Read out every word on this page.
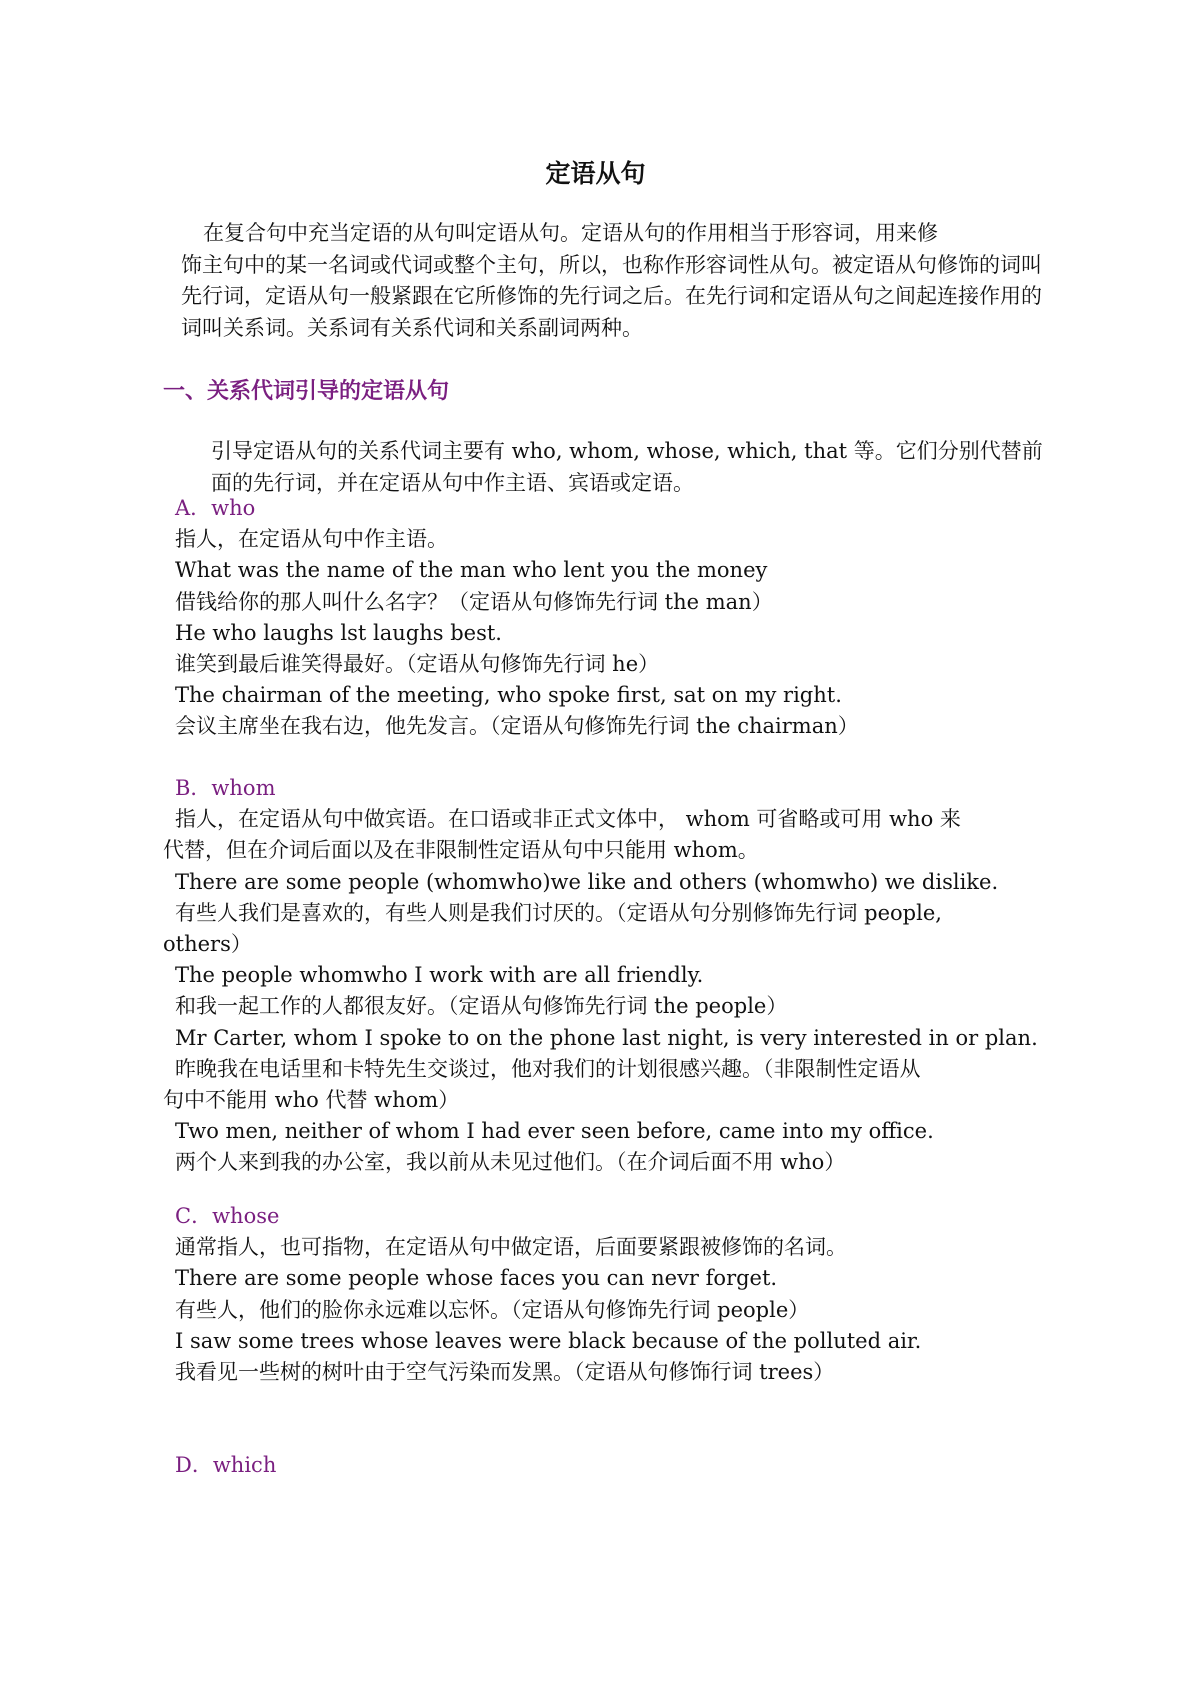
定语从句
在复合句中充当定语的从句叫定语从句。定语从句的作用相当于形容词，用来修
饰主句中的某一名词或代词或整个主句，所以，也称作形容词性从句。被定语从句修饰的词叫先行词，定语从句一般紧跟在它所修饰的先行词之后。在先行词和定语从句之间起连接作用的词叫关系词。关系词有关系代词和关系副词两种。
一、关系代词引导的定语从句
引导定语从句的关系代词主要有 who, whom, whose, which, that 等。它们分别代替前面的先行词，并在定语从句中作主语、宾语或定语。
A．who
指人，在定语从句中作主语。
What was the name of the man who lent you the money
借钱给你的那人叫什么名字？（定语从句修饰先行词 the man）
He who laughs lst laughs best.
谁笑到最后谁笑得最好。（定语从句修饰先行词 he）
The chairman of the meeting, who spoke first, sat on my right.
会议主席坐在我右边，他先发言。（定语从句修饰先行词 the chairman）
B．whom
指人，在定语从句中做宾语。在口语或非正式文体中， whom 可省略或可用 who 来
代替，但在介词后面以及在非限制性定语从句中只能用 whom。
There are some people (whomwho)we like and others (whomwho) we dislike.
有些人我们是喜欢的，有些人则是我们讨厌的。（定语从句分别修饰先行词 people,
others）
The people whomwho I work with are all friendly.
和我一起工作的人都很友好。（定语从句修饰先行词 the people）
Mr Carter, whom I spoke to on the phone last night, is very interested in or plan.
昨晚我在电话里和卡特先生交谈过，他对我们的计划很感兴趣。（非限制性定语从
句中不能用 who 代替 whom）
Two men, neither of whom I had ever seen before, came into my office.
两个人来到我的办公室，我以前从未见过他们。（在介词后面不用 who）
C．whose
通常指人，也可指物，在定语从句中做定语，后面要紧跟被修饰的名词。
There are some people whose faces you can nevr forget.
有些人，他们的脸你永远难以忘怀。（定语从句修饰先行词 people）
I saw some trees whose leaves were black because of the polluted air.
我看见一些树的树叶由于空气污染而发黑。（定语从句修饰行词 trees）
D．which
